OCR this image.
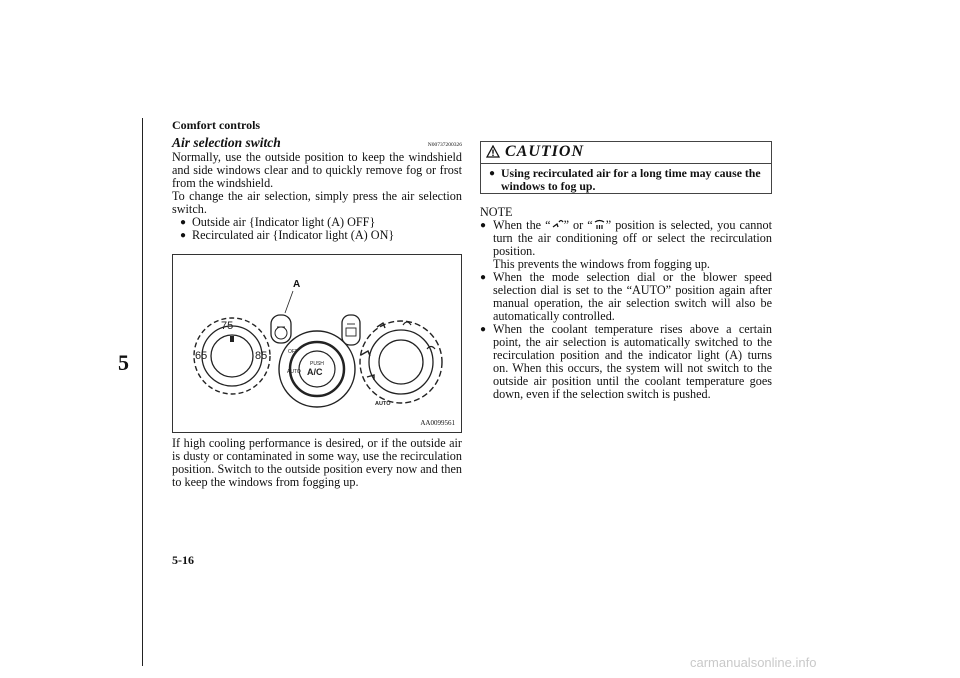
Comfort controls
5
5-16
carmanualsonline.info
Air selection switch	N00737200326

Normally, use the outside position to keep the windshield and side windows clear and to quickly remove fog or frost from the windshield.

To change the air selection, simply press the air selection switch.

● Outside air {Indicator light (A) OFF}
● Recirculated air {Indicator light (A) ON}
75
65	85	OFF
AUTO
PUSH
A/C
AUTO
A
AA0099561

If high cooling performance is desired, or if the outside air is dusty or contaminated in some way, use the recirculation position. Switch to the outside position every now and then to keep the windows from fogging up.

CAUTION
● Using recirculated air for a long time may cause the windows to fog up.
NOTE
● When the “ ” or “ ” position is selected, you cannot turn the air conditioning off or select the recirculation position.
This prevents the windows from fogging up.
● When the mode selection dial or the blower speed selection dial is set to the “AUTO” position again after manual operation, the air selection switch will also be automatically controlled.
● When the coolant temperature rises above a certain point, the air selection is automatically switched to the recirculation position and the indicator light (A) turns on. When this occurs, the system will not switch to the outside air position until the coolant temperature goes down, even if the selection switch is pushed.
